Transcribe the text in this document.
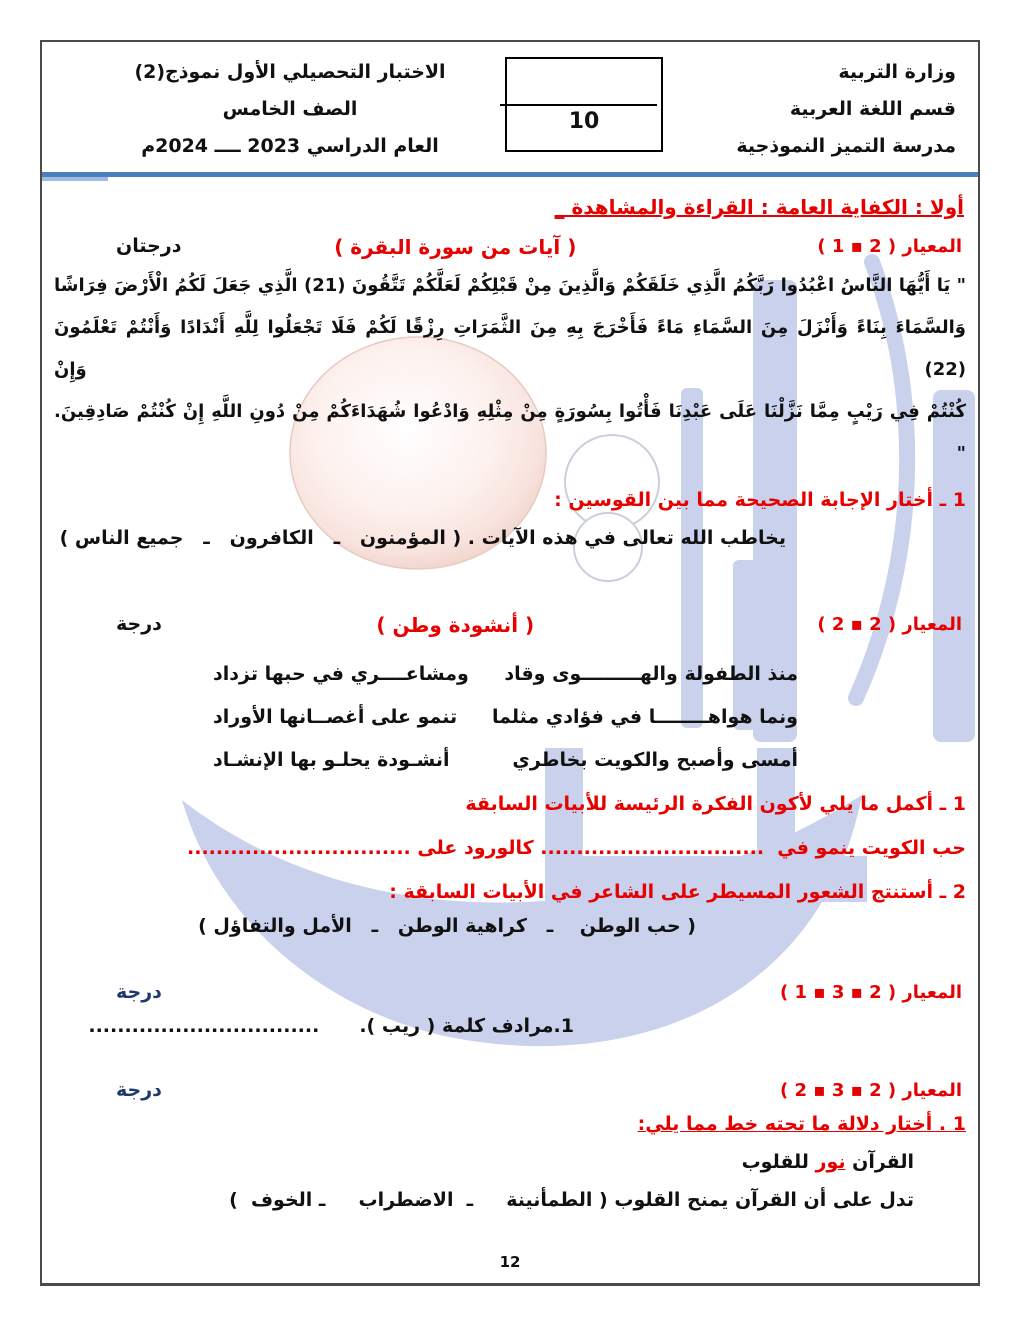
وزارة التربية
قسم اللغة العربية
مدرسة التميز النموذجية
10
الاختبار التحصيلي الأول نموذج(2)
الصف الخامس
العام الدراسي 2023 ــــ 2024م
أولا : الكفاية العامة : القراءة والمشاهدة _
المعيار ( 2 ▪ 1 )
( آيات من سورة البقرة )
درجتان
" يَا أَيُّهَا النَّاسُ اعْبُدُوا رَبَّكُمُ الَّذِي خَلَقَكُمْ وَالَّذِينَ مِنْ قَبْلِكُمْ لَعَلَّكُمْ تَتَّقُونَ (21) الَّذِي جَعَلَ لَكُمُ الْأَرْضَ فِرَاشًا
وَالسَّمَاءَ بِنَاءً وَأَنْزَلَ مِنَ السَّمَاءِ مَاءً فَأَخْرَجَ بِهِ مِنَ الثَّمَرَاتِ رِزْقًا لَكُمْ فَلَا تَجْعَلُوا لِلَّهِ أَنْدَادًا وَأَنْتُمْ تَعْلَمُونَ (22) وَإِنْ
كُنْتُمْ فِي رَيْبٍ مِمَّا نَزَّلْنَا عَلَى عَبْدِنَا فَأْتُوا بِسُورَةٍ مِنْ مِثْلِهِ وَادْعُوا شُهَدَاءَكُمْ مِنْ دُونِ اللَّهِ إِنْ كُنْتُمْ صَادِقِينَ. "
1 ـ أختار الإجابة الصحيحة مما بين القوسين :
يخاطب الله تعالى في هذه الآيات . ( المؤمنون   ـ   الكافرون   ـ   جميع الناس )
المعيار ( 2 ▪ 2 )
( أنشودة وطن )
درجة
منذ الطفولة والهـــــــــوى وقاد
ومشاعــــري في حبها تزداد
ونما هواهــــــــا في فؤادي مثلما
تنمو على أغصــانها الأوراد
أمسى وأصبح والكويت بخاطري
أنشـودة يحلـو بها الإنشـاد
1 ـ أكمل ما يلي لأكون الفكرة الرئيسة للأبيات السابقة
حب الكويت ينمو في  ............................... كالورود على ...............................
2 ـ أستنتج الشعور المسيطر على الشاعر في الأبيات السابقة :
( حب الوطن    ـ   كراهية الوطن   ـ   الأمل والتفاؤل )
المعيار ( 2 ▪ 3 ▪ 1 )
درجة
1.مرادف كلمة ( ريب ).
................................
المعيار ( 2 ▪ 3 ▪ 2 )
درجة
1 . أختار دلالة ما تحته خط مما يلي:
القرآن نور للقلوب
تدل على أن القرآن يمنح القلوب ( الطمأنينة     ـ  الاضطراب     ـ الخوف  )
12
